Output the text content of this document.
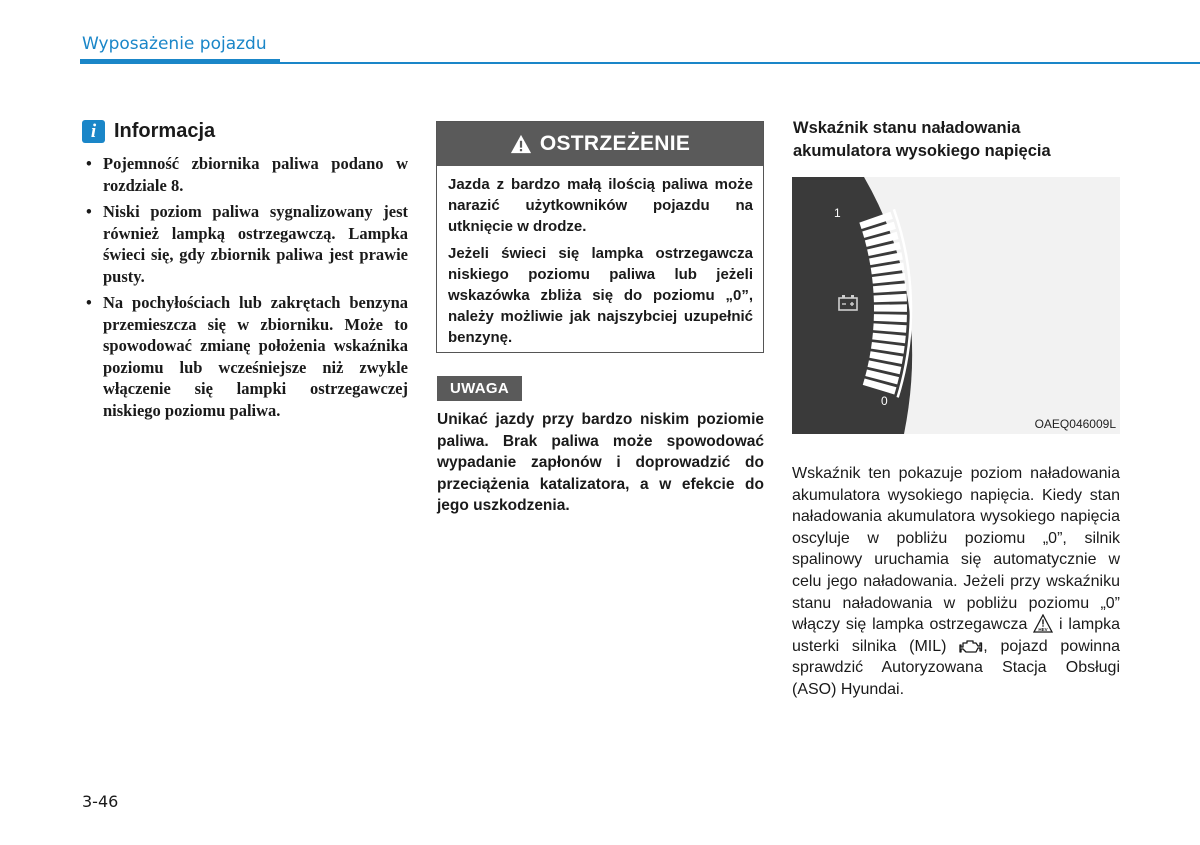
Wyposażenie pojazdu
i Informacja
• Pojemność zbiornika paliwa podano w rozdziale 8.
• Niski poziom paliwa sygnalizowany jest również lampką ostrzegawczą. Lampka świeci się, gdy zbiornik paliwa jest prawie pusty.
• Na pochyłościach lub zakrętach benzyna przemieszcza się w zbiorniku. Może to spowodować zmianę położenia wskaźnika poziomu lub wcześniejsze niż zwykle włączenie się lampki ostrzegawczej niskiego poziomu paliwa.
OSTRZEŻENIE

Jazda z bardzo małą ilością paliwa może narazić użytkowników pojazdu na utknięcie w drodze.

Jeżeli świeci się lampka ostrzegawcza niskiego poziomu paliwa lub jeżeli wskazówka zbliża się do poziomu „0”, należy możliwie jak najszybciej uzupełnić benzynę.

UWAGA
Unikać jazdy przy bardzo niskim poziomie paliwa. Brak paliwa może spowodować wypadanie zapłonów i doprowadzić do przeciążenia katalizatora, a w efekcie do jego uszkodzenia.
Wskaźnik stanu naładowania akumulatora wysokiego napięcia
1
0
OAEQ046009L
Wskaźnik ten pokazuje poziom naładowania akumulatora wysokiego napięcia. Kiedy stan naładowania akumulatora wysokiego napięcia oscyluje w pobliżu poziomu „0”, silnik spalinowy uruchamia się automatycznie w celu jego naładowania. Jeżeli przy wskaźniku stanu naładowania w pobliżu poziomu „0” włączy się lampka ostrzegawcza HEV i lampka usterki silnika (MIL) , pojazd powinna sprawdzić Autoryzowana Stacja Obsługi (ASO) Hyundai.
3-46
